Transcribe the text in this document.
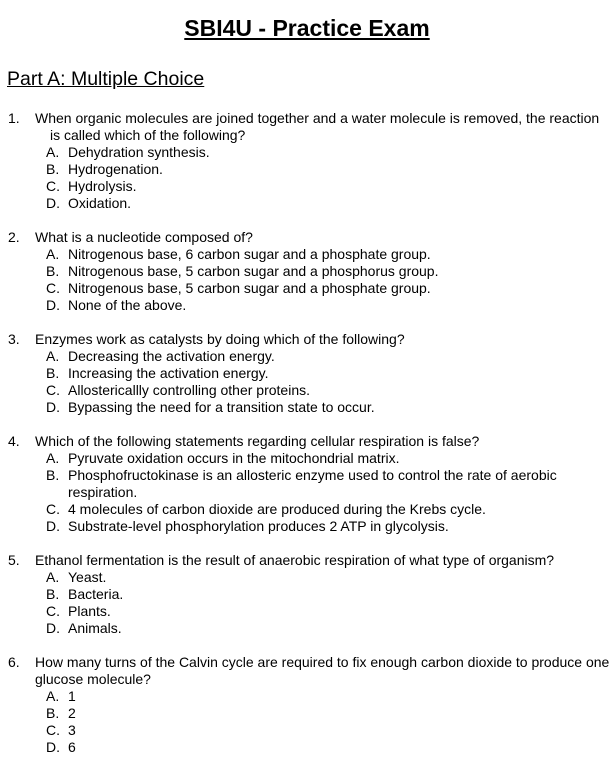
SBI4U - Practice Exam
Part A: Multiple Choice
1. When organic molecules are joined together and a water molecule is removed, the reaction is called which of the following?
A. Dehydration synthesis.
B. Hydrogenation.
C. Hydrolysis.
D. Oxidation.
2. What is a nucleotide composed of?
A. Nitrogenous base, 6 carbon sugar and a phosphate group.
B. Nitrogenous base, 5 carbon sugar and a phosphorus group.
C. Nitrogenous base, 5 carbon sugar and a phosphate group.
D. None of the above.
3. Enzymes work as catalysts by doing which of the following?
A. Decreasing the activation energy.
B. Increasing the activation energy.
C. Allostericallly controlling other proteins.
D. Bypassing the need for a transition state to occur.
4. Which of the following statements regarding cellular respiration is false?
A. Pyruvate oxidation occurs in the mitochondrial matrix.
B. Phosphofructokinase is an allosteric enzyme used to control the rate of aerobic respiration.
C. 4 molecules of carbon dioxide are produced during the Krebs cycle.
D. Substrate-level phosphorylation produces 2 ATP in glycolysis.
5. Ethanol fermentation is the result of anaerobic respiration of what type of organism?
A. Yeast.
B. Bacteria.
C. Plants.
D. Animals.
6. How many turns of the Calvin cycle are required to fix enough carbon dioxide to produce one glucose molecule?
A. 1
B. 2
C. 3
D. 6
